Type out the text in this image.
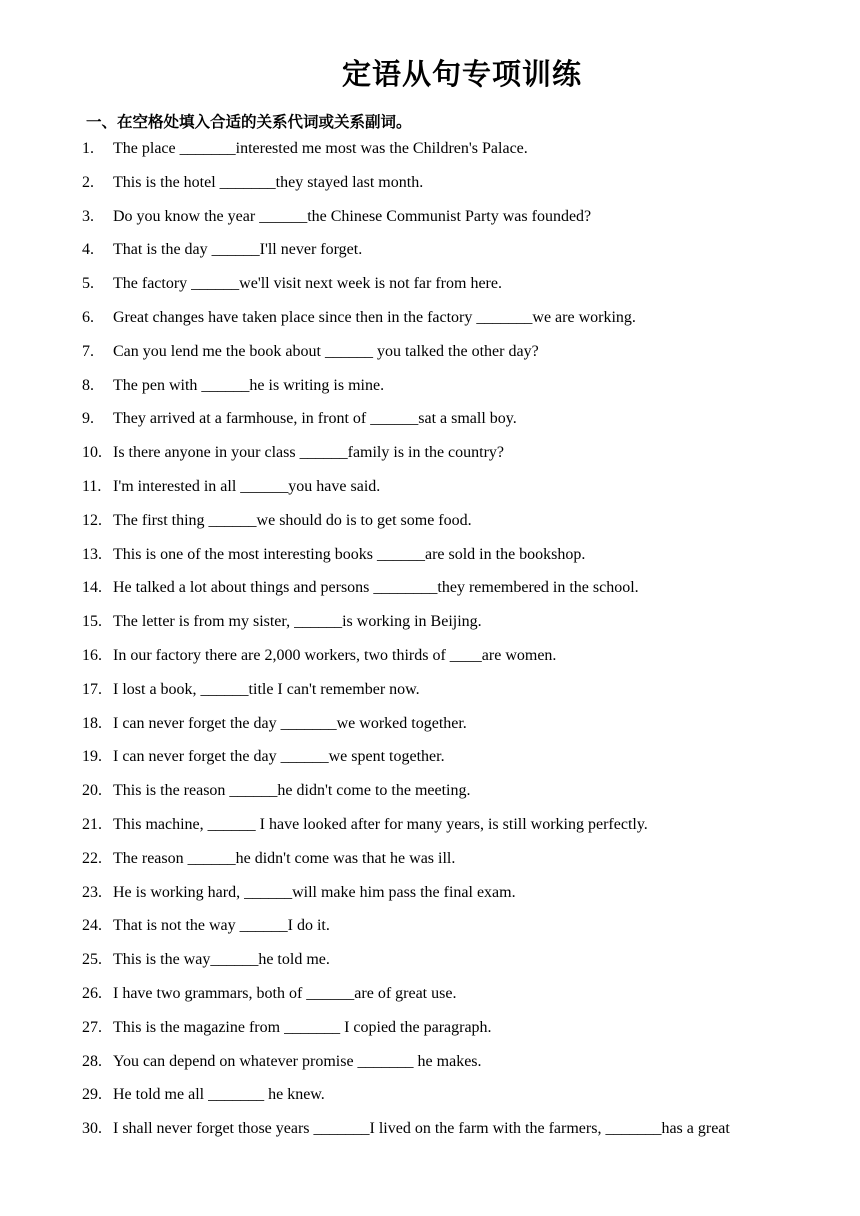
定语从句专项训练
一、在空格处填入合适的关系代词或关系副词。
1. The place _______interested me most was the Children's Palace.
2. This is the hotel _______they stayed last month.
3. Do you know the year ______the Chinese Communist Party was founded?
4. That is the day ______I'll never forget.
5. The factory ______we'll visit next week is not far from here.
6. Great changes have taken place since then in the factory _______we are working.
7. Can you lend me the book about ______ you talked the other day?
8. The pen with ______he is writing is mine.
9. They arrived at a farmhouse, in front of ______sat a small boy.
10. Is there anyone in your class ______family is in the country?
11. I'm interested in all ______you have said.
12. The first thing ______we should do is to get some food.
13. This is one of the most interesting books ______are sold in the bookshop.
14. He talked a lot about things and persons ________they remembered in the school.
15. The letter is from my sister, ______is working in Beijing.
16. In our factory there are 2,000 workers, two thirds of ____are women.
17. I lost a book, ______title I can't remember now.
18. I can never forget the day _______we worked together.
19. I can never forget the day ______we spent together.
20. This is the reason ______he didn't come to the meeting.
21. This machine, ______ I have looked after for many years, is still working perfectly.
22. The reason ______he didn't come was that he was ill.
23. He is working hard, ______will make him pass the final exam.
24. That is not the way ______I do it.
25. This is the way______he told me.
26. I have two grammars, both of ______are of great use.
27. This is the magazine from _______ I copied the paragraph.
28. You can depend on whatever promise _______ he makes.
29. He told me all _______ he knew.
30. I shall never forget those years _______I lived on the farm with the farmers, _______has a great
